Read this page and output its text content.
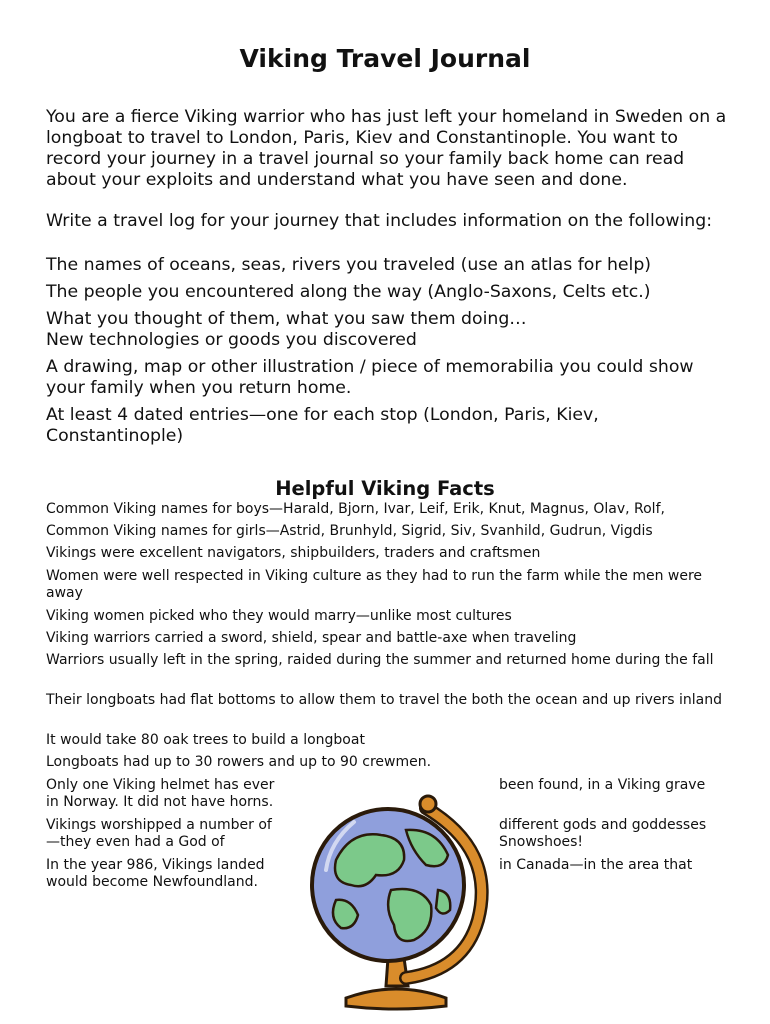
Viking Travel Journal

You are a fierce Viking warrior who has just left your homeland in Sweden on a longboat to travel to London, Paris, Kiev and Constantinople. You want to record your journey in a travel journal so your family back home can read about your exploits and understand what you have seen and done.

Write a travel log for your journey that includes information on the following:

The names of oceans, seas, rivers you traveled (use an atlas for help)

The people you encountered along the way (Anglo-Saxons, Celts etc.)

What you thought of them, what you saw them doing…

New technologies or goods you discovered

A drawing, map or other illustration / piece of memorabilia you could show your family when you return home.

At least 4 dated entries—one for each stop (London, Paris, Kiev, Constantinople)

Helpful Viking Facts

Common Viking names for boys—Harald, Bjorn, Ivar, Leif, Erik, Knut, Magnus, Olav, Rolf,

Common Viking names for girls—Astrid, Brunhyld, Sigrid, Siv, Svanhild, Gudrun, Vigdis

Vikings were excellent navigators, shipbuilders, traders and craftsmen

Women were well respected in Viking culture as they had to run the farm while the men were away

Viking women picked who they would marry—unlike most cultures

Viking warriors carried a sword, shield, spear and battle-axe when traveling

Warriors usually left in the spring, raided during the summer and returned home during the fall

Their longboats had flat bottoms to allow them to travel the both the ocean and up rivers inland

It would take 80 oak trees to build a longboat

Longboats had up to 30 rowers and up to 90 crewmen.

Only one Viking helmet has ever	been found, in a Viking grave

in Norway. It did not have horns.

Vikings worshipped a number of	different gods and goddesses

—they even had a God of	Snowshoes!

In the year 986, Vikings landed	in Canada—in the area that

would become Newfoundland.
